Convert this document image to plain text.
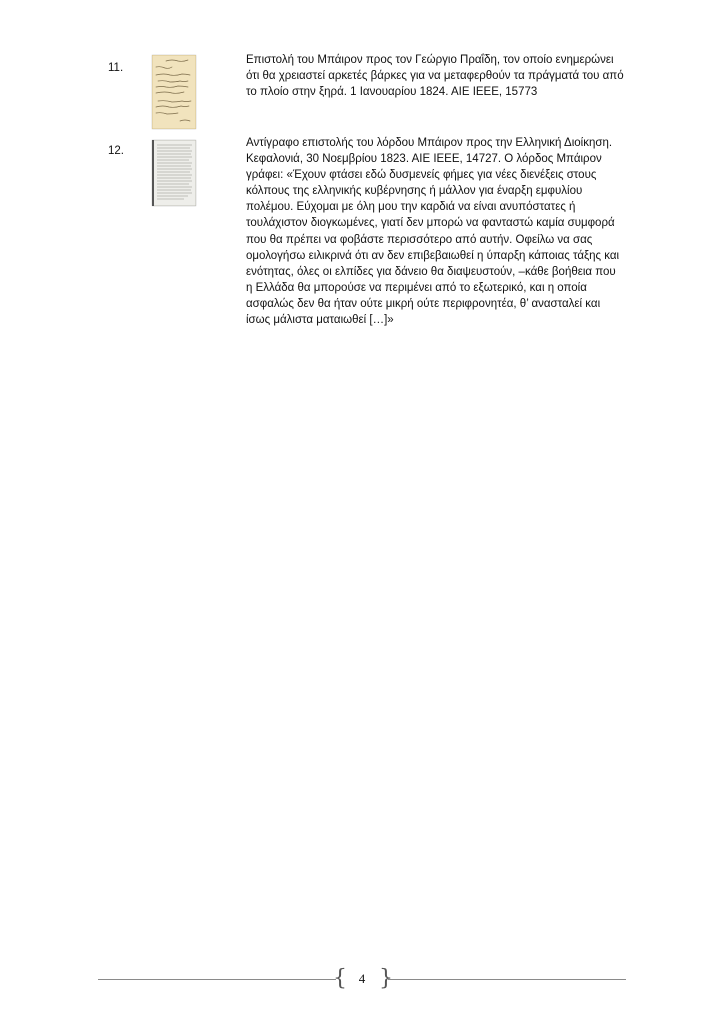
11.
Επιστολή του Μπάιρον προς τον Γεώργιο Πραΐδη, τον οποίο ενημερώνει ότι θα χρειαστεί αρκετές βάρκες για να μεταφερθούν τα πράγματά του από το πλοίο στην ξηρά. 1 Ιανουαρίου 1824. ΑΙΕ ΙΕΕΕ, 15773
12.
Αντίγραφο επιστολής του λόρδου Μπάιρον προς την Ελληνική Διοίκηση. Κεφαλονιά, 30 Νοεμβρίου 1823. ΑΙΕ ΙΕΕΕ, 14727. Ο λόρδος Μπάιρον γράφει: «Έχουν φτάσει εδώ δυσμενείς φήμες για νέες διενέξεις στους κόλπους της ελληνικής κυβέρνησης ή μάλλον για έναρξη εμφυλίου πολέμου. Εύχομαι με όλη μου την καρδιά να είναι ανυπόστατες ή τουλάχιστον διογκωμένες, γιατί δεν μπορώ να φανταστώ καμία συμφορά που θα πρέπει να φοβάστε περισσότερο από αυτήν. Οφείλω να σας ομολογήσω ειλικρινά ότι αν δεν επιβεβαιωθεί η ύπαρξη κάποιας τάξης και ενότητας, όλες οι ελπίδες για δάνειο θα διαψευστούν, –κάθε βοήθεια που η Ελλάδα θα μπορούσε να περιμένει από το εξωτερικό, και η οποία ασφαλώς δεν θα ήταν ούτε μικρή ούτε περιφρονητέα, θ’ ανασταλεί και ίσως μάλιστα ματαιωθεί […]»
{ }
4
